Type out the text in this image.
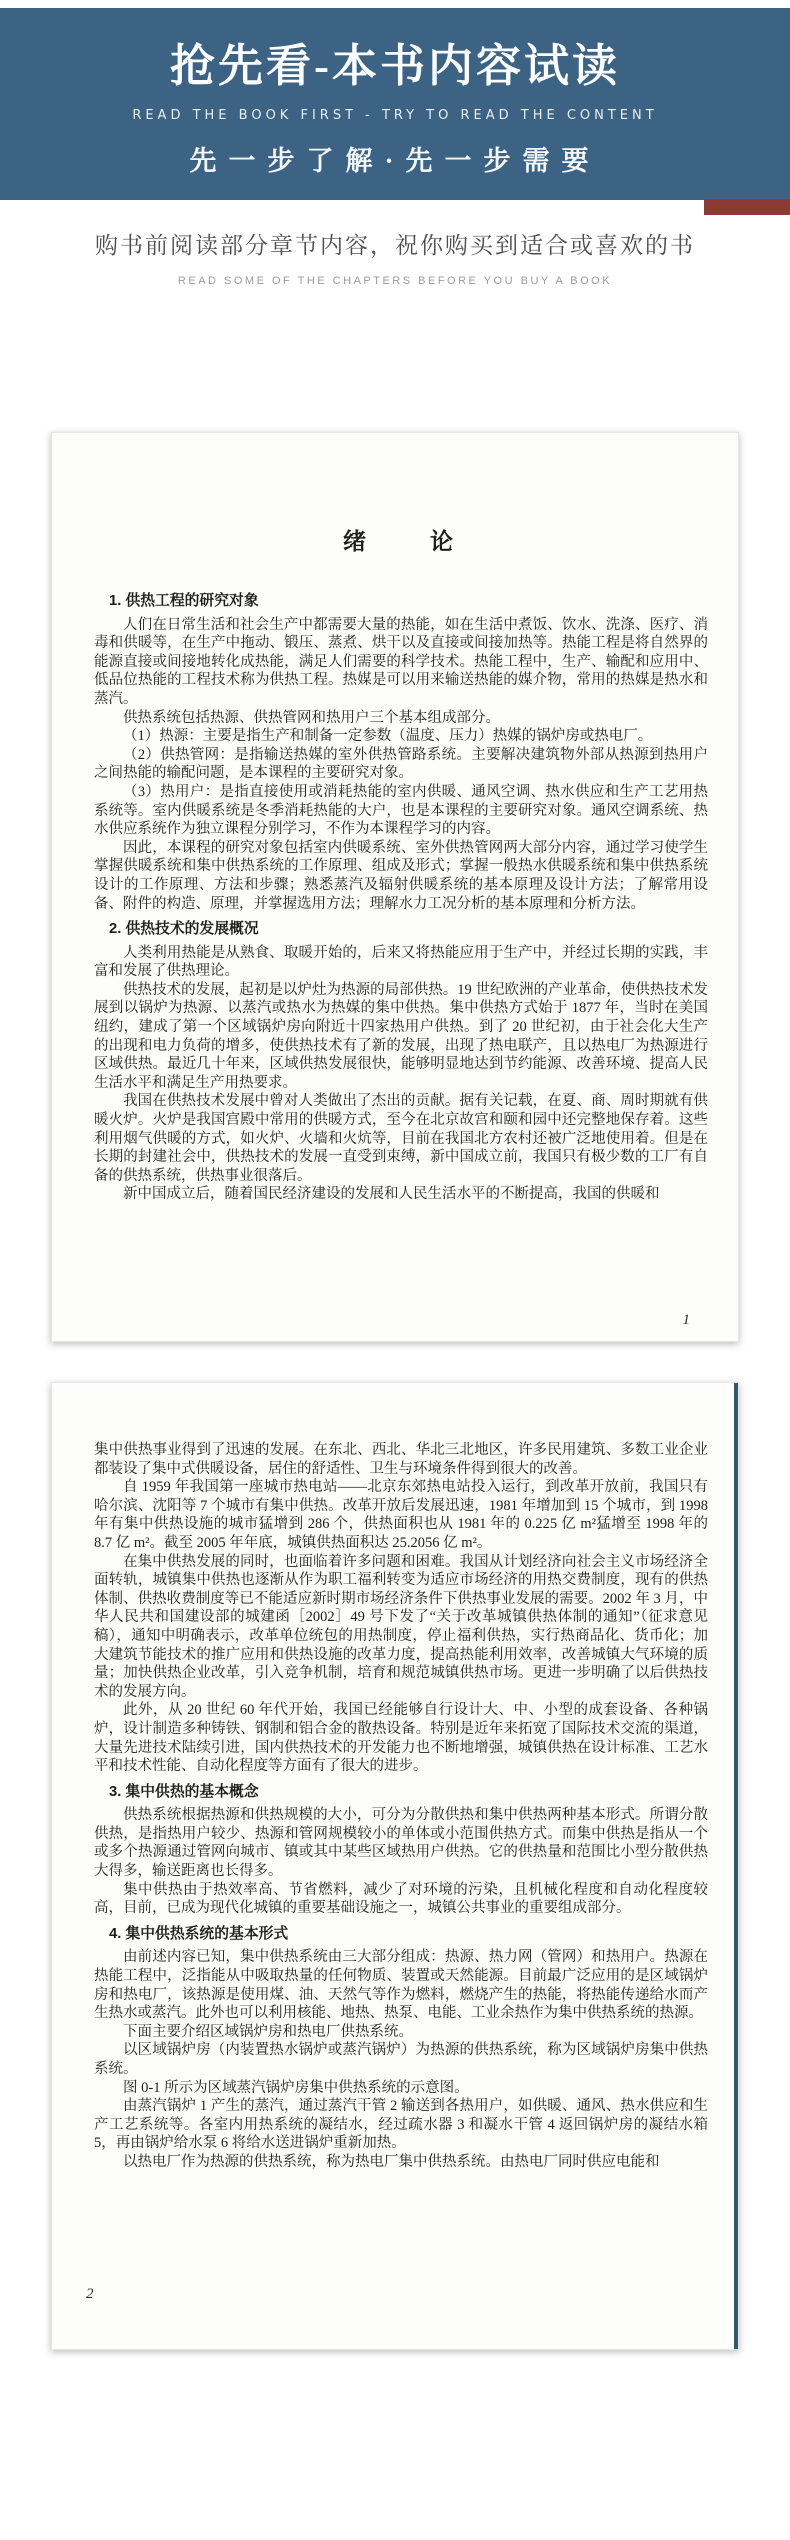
抢先看-本书内容试读
READ THE BOOK FIRST - TRY TO READ THE CONTENT
先一步了解·先一步需要
购书前阅读部分章节内容，祝你购买到适合或喜欢的书
READ SOME OF THE CHAPTERS BEFORE YOU BUY A BOOK
绪　　论
1. 供热工程的研究对象

人们在日常生活和社会生产中都需要大量的热能，如在生活中煮饭、饮水、洗涤、医疗、消毒和供暖等，在生产中拖动、锻压、蒸煮、烘干以及直接或间接加热等。热能工程是将自然界的能源直接或间接地转化成热能，满足人们需要的科学技术。热能工程中，生产、输配和应用中、低品位热能的工程技术称为供热工程。热媒是可以用来输送热能的媒介物，常用的热媒是热水和蒸汽。

供热系统包括热源、供热管网和热用户三个基本组成部分。

（1）热源：主要是指生产和制备一定参数（温度、压力）热媒的锅炉房或热电厂。

（2）供热管网：是指输送热媒的室外供热管路系统。主要解决建筑物外部从热源到热用户之间热能的输配问题，是本课程的主要研究对象。

（3）热用户：是指直接使用或消耗热能的室内供暖、通风空调、热水供应和生产工艺用热系统等。室内供暖系统是冬季消耗热能的大户，也是本课程的主要研究对象。通风空调系统、热水供应系统作为独立课程分别学习，不作为本课程学习的内容。

因此，本课程的研究对象包括室内供暖系统、室外供热管网两大部分内容，通过学习使学生掌握供暖系统和集中供热系统的工作原理、组成及形式；掌握一般热水供暖系统和集中供热系统设计的工作原理、方法和步骤；熟悉蒸汽及辐射供暖系统的基本原理及设计方法；了解常用设备、附件的构造、原理，并掌握选用方法；理解水力工况分析的基本原理和分析方法。

2. 供热技术的发展概况

人类利用热能是从熟食、取暖开始的，后来又将热能应用于生产中，并经过长期的实践，丰富和发展了供热理论。

供热技术的发展，起初是以炉灶为热源的局部供热。19 世纪欧洲的产业革命，使供热技术发展到以锅炉为热源、以蒸汽或热水为热媒的集中供热。集中供热方式始于 1877 年，当时在美国纽约，建成了第一个区域锅炉房向附近十四家热用户供热。到了 20 世纪初，由于社会化大生产的出现和电力负荷的增多，使供热技术有了新的发展，出现了热电联产，且以热电厂为热源进行区域供热。最近几十年来，区域供热发展很快，能够明显地达到节约能源、改善环境、提高人民生活水平和满足生产用热要求。

我国在供热技术发展中曾对人类做出了杰出的贡献。据有关记载，在夏、商、周时期就有供暖火炉。火炉是我国宫殿中常用的供暖方式，至今在北京故宫和颐和园中还完整地保存着。这些利用烟气供暖的方式，如火炉、火墙和火炕等，目前在我国北方农村还被广泛地使用着。但是在长期的封建社会中，供热技术的发展一直受到束缚，新中国成立前，我国只有极少数的工厂有自备的供热系统，供热事业很落后。

新中国成立后，随着国民经济建设的发展和人民生活水平的不断提高，我国的供暖和

1

集中供热事业得到了迅速的发展。在东北、西北、华北三北地区，许多民用建筑、多数工业企业都装设了集中式供暖设备，居住的舒适性、卫生与环境条件得到很大的改善。

自 1959 年我国第一座城市热电站——北京东郊热电站投入运行，到改革开放前，我国只有哈尔滨、沈阳等 7 个城市有集中供热。改革开放后发展迅速，1981 年增加到 15 个城市，到 1998 年有集中供热设施的城市猛增到 286 个，供热面积也从 1981 年的 0.225 亿 m²猛增至 1998 年的 8.7 亿 m²。截至 2005 年年底，城镇供热面积达 25.2056 亿 m²。

在集中供热发展的同时，也面临着许多问题和困难。我国从计划经济向社会主义市场经济全面转轨，城镇集中供热也逐渐从作为职工福利转变为适应市场经济的用热交费制度，现有的供热体制、供热收费制度等已不能适应新时期市场经济条件下供热事业发展的需要。2002 年 3 月，中华人民共和国建设部的城建函［2002］49 号下发了“关于改革城镇供热体制的通知”（征求意见稿），通知中明确表示，改革单位统包的用热制度，停止福利供热，实行热商品化、货币化；加大建筑节能技术的推广应用和供热设施的改革力度，提高热能利用效率，改善城镇大气环境的质量；加快供热企业改革，引入竞争机制，培育和规范城镇供热市场。更进一步明确了以后供热技术的发展方向。

此外，从 20 世纪 60 年代开始，我国已经能够自行设计大、中、小型的成套设备、各种锅炉，设计制造多种铸铁、钢制和铝合金的散热设备。特别是近年来拓宽了国际技术交流的渠道，大量先进技术陆续引进，国内供热技术的开发能力也不断地增强，城镇供热在设计标准、工艺水平和技术性能、自动化程度等方面有了很大的进步。

3. 集中供热的基本概念

供热系统根据热源和供热规模的大小，可分为分散供热和集中供热两种基本形式。所谓分散供热，是指热用户较少、热源和管网规模较小的单体或小范围供热方式。而集中供热是指从一个或多个热源通过管网向城市、镇或其中某些区域热用户供热。它的供热量和范围比小型分散供热大得多，输送距离也长得多。

集中供热由于热效率高、节省燃料，减少了对环境的污染，且机械化程度和自动化程度较高，目前，已成为现代化城镇的重要基础设施之一，城镇公共事业的重要组成部分。

4. 集中供热系统的基本形式

由前述内容已知，集中供热系统由三大部分组成：热源、热力网（管网）和热用户。热源在热能工程中，泛指能从中吸取热量的任何物质、装置或天然能源。目前最广泛应用的是区域锅炉房和热电厂，该热源是使用煤、油、天然气等作为燃料，燃烧产生的热能，将热能传递给水而产生热水或蒸汽。此外也可以利用核能、地热、热泵、电能、工业余热作为集中供热系统的热源。

下面主要介绍区域锅炉房和热电厂供热系统。

以区域锅炉房（内装置热水锅炉或蒸汽锅炉）为热源的供热系统，称为区域锅炉房集中供热系统。

图 0-1 所示为区域蒸汽锅炉房集中供热系统的示意图。

由蒸汽锅炉 1 产生的蒸汽，通过蒸汽干管 2 输送到各热用户，如供暖、通风、热水供应和生产工艺系统等。各室内用热系统的凝结水，经过疏水器 3 和凝水干管 4 返回锅炉房的凝结水箱 5，再由锅炉给水泵 6 将给水送进锅炉重新加热。

以热电厂作为热源的供热系统，称为热电厂集中供热系统。由热电厂同时供应电能和

2
